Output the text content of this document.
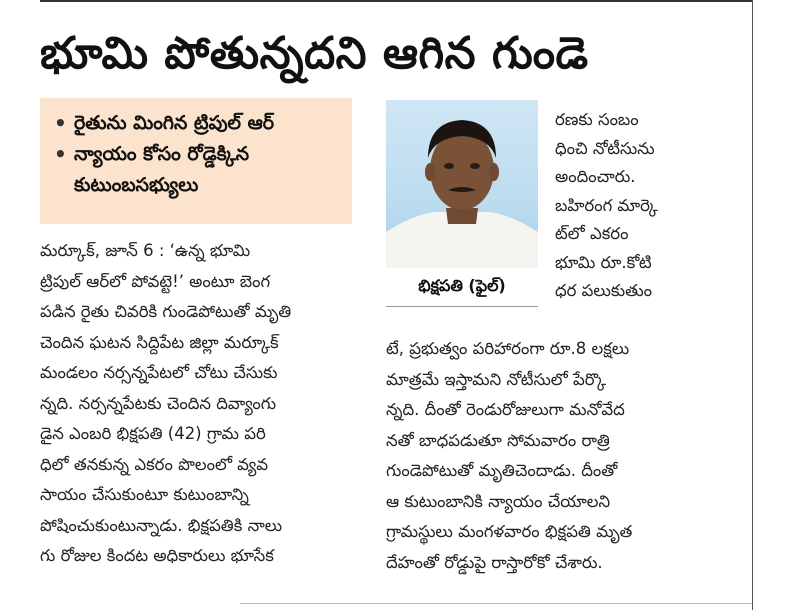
భూమి పోతున్నదని ఆగిన గుండె
• రైతును మింగిన ట్రిపుల్ ఆర్
• న్యాయం కోసం రోడ్డెక్కిన కుటుంబసభ్యులు
మర్కూక్, జూన్ 6 : ‘ఉన్న భూమి
ట్రిపుల్ ఆర్‌లో పోవట్టె!’ అంటూ బెంగ
పడిన రైతు చివరికి గుండెపోటుతో మృతి
చెందిన ఘటన సిద్దిపేట జిల్లా మర్కూక్
మండలం నర్సన్నపేటలో చోటు చేసుకు
న్నది. నర్సన్నపేటకు చెందిన దివ్యాంగు
డైన ఎంబరి భిక్షపతి (42) గ్రామ పరి
ధిలో తనకున్న ఎకరం పొలంలో వ్యవ
సాయం చేసుకుంటూ కుటుంబాన్ని
పోషించుకుంటున్నాడు. భిక్షపతికి నాలు
గు రోజుల కిందట అధికారులు భూసేక
భిక్షపతి (ఫైల్)
రణకు సంబం
ధించి నోటీసును
అందించారు.
బహిరంగ మార్కె
ట్‌లో ఎకరం
భూమి రూ.కోటి
ధర పలుకుతుం
టే, ప్రభుత్వం పరిహారంగా రూ.8 లక్షలు
మాత్రమే ఇస్తామని నోటీసులో పేర్కొ
న్నది. దీంతో రెండురోజులుగా మనోవేద
నతో బాధపడుతూ సోమవారం రాత్రి
గుండెపోటుతో మృతిచెందాడు. దీంతో
ఆ కుటుంబానికి న్యాయం చేయాలని
గ్రామస్థులు మంగళవారం భిక్షపతి మృత
దేహంతో రోడ్డుపై రాస్తారోకో చేశారు.
